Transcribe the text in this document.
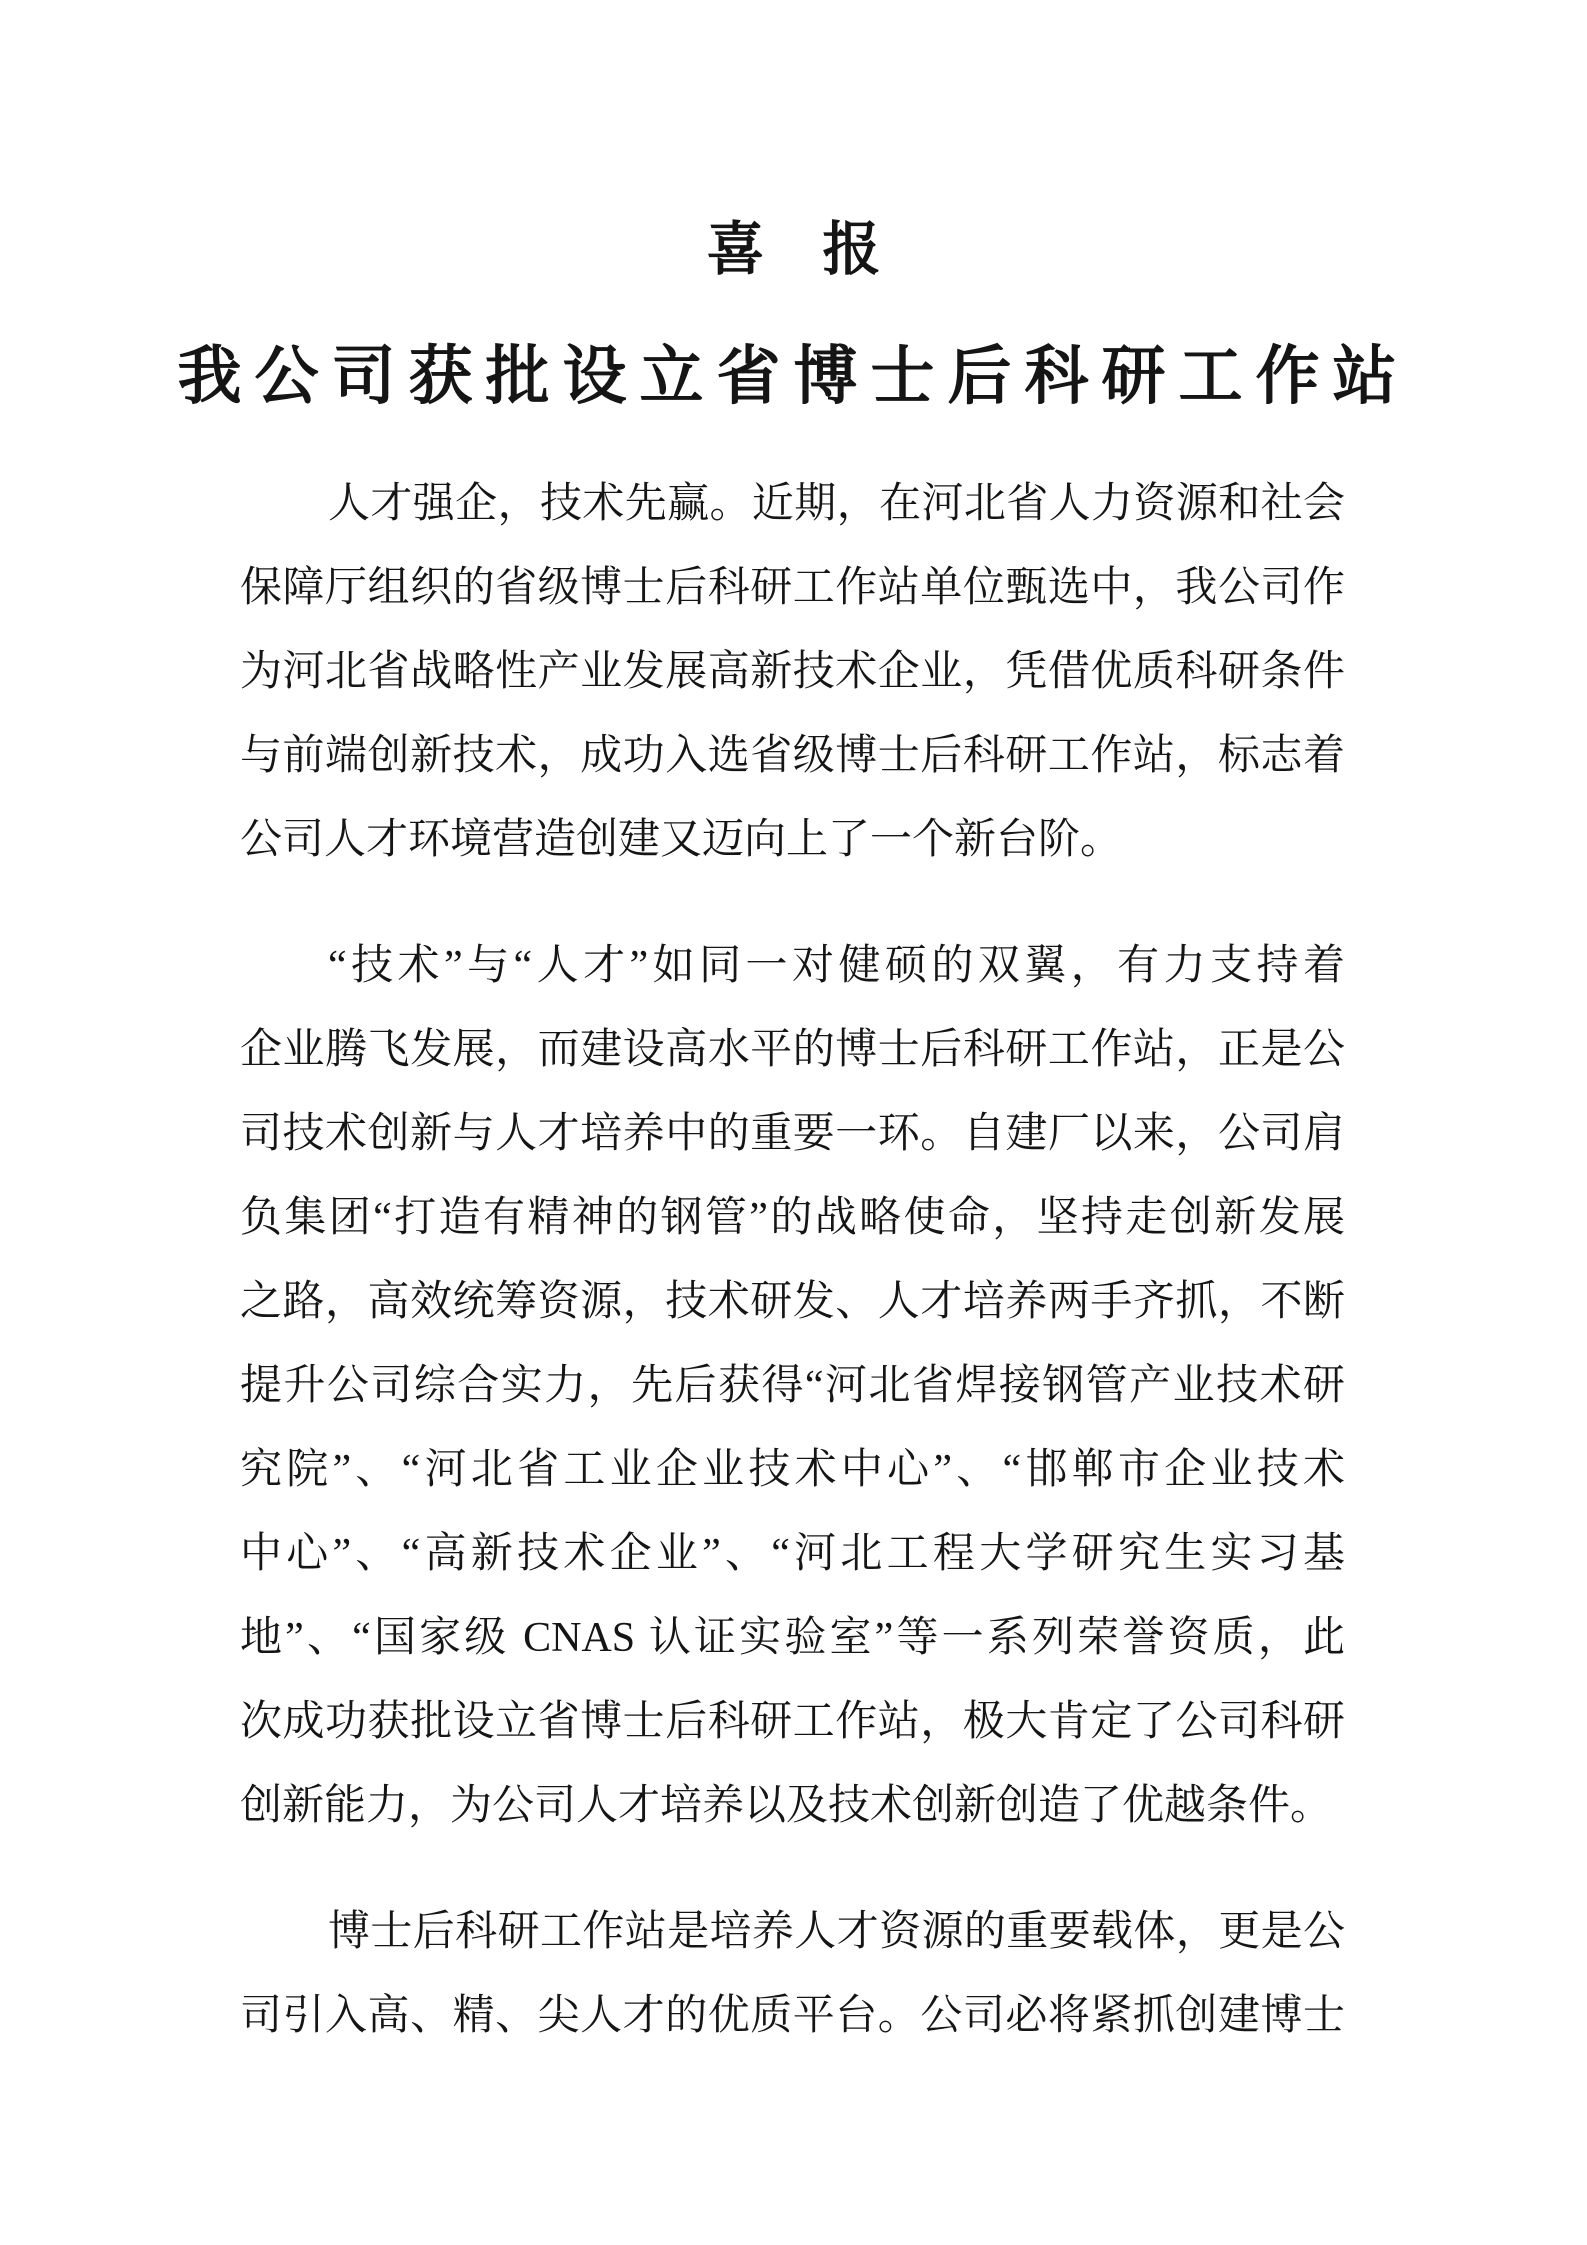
喜　报
我公司获批设立省博士后科研工作站
人才强企，技术先赢。近期，在河北省人力资源和社会
保障厅组织的省级博士后科研工作站单位甄选中，我公司作
为河北省战略性产业发展高新技术企业，凭借优质科研条件
与前端创新技术，成功入选省级博士后科研工作站，标志着
公司人才环境营造创建又迈向上了一个新台阶。
“技术”与“人才”如同一对健硕的双翼，有力支持着
企业腾飞发展，而建设高水平的博士后科研工作站，正是公
司技术创新与人才培养中的重要一环。自建厂以来，公司肩
负集团“打造有精神的钢管”的战略使命，坚持走创新发展
之路，高效统筹资源，技术研发、人才培养两手齐抓，不断
提升公司综合实力，先后获得“河北省焊接钢管产业技术研
究院”、“河北省工业企业技术中心”、“邯郸市企业技术
中心”、“高新技术企业”、“河北工程大学研究生实习基
地”、“国家级 CNAS 认证实验室”等一系列荣誉资质，此
次成功获批设立省博士后科研工作站，极大肯定了公司科研
创新能力，为公司人才培养以及技术创新创造了优越条件。
博士后科研工作站是培养人才资源的重要载体，更是公
司引入高、精、尖人才的优质平台。公司必将紧抓创建博士
